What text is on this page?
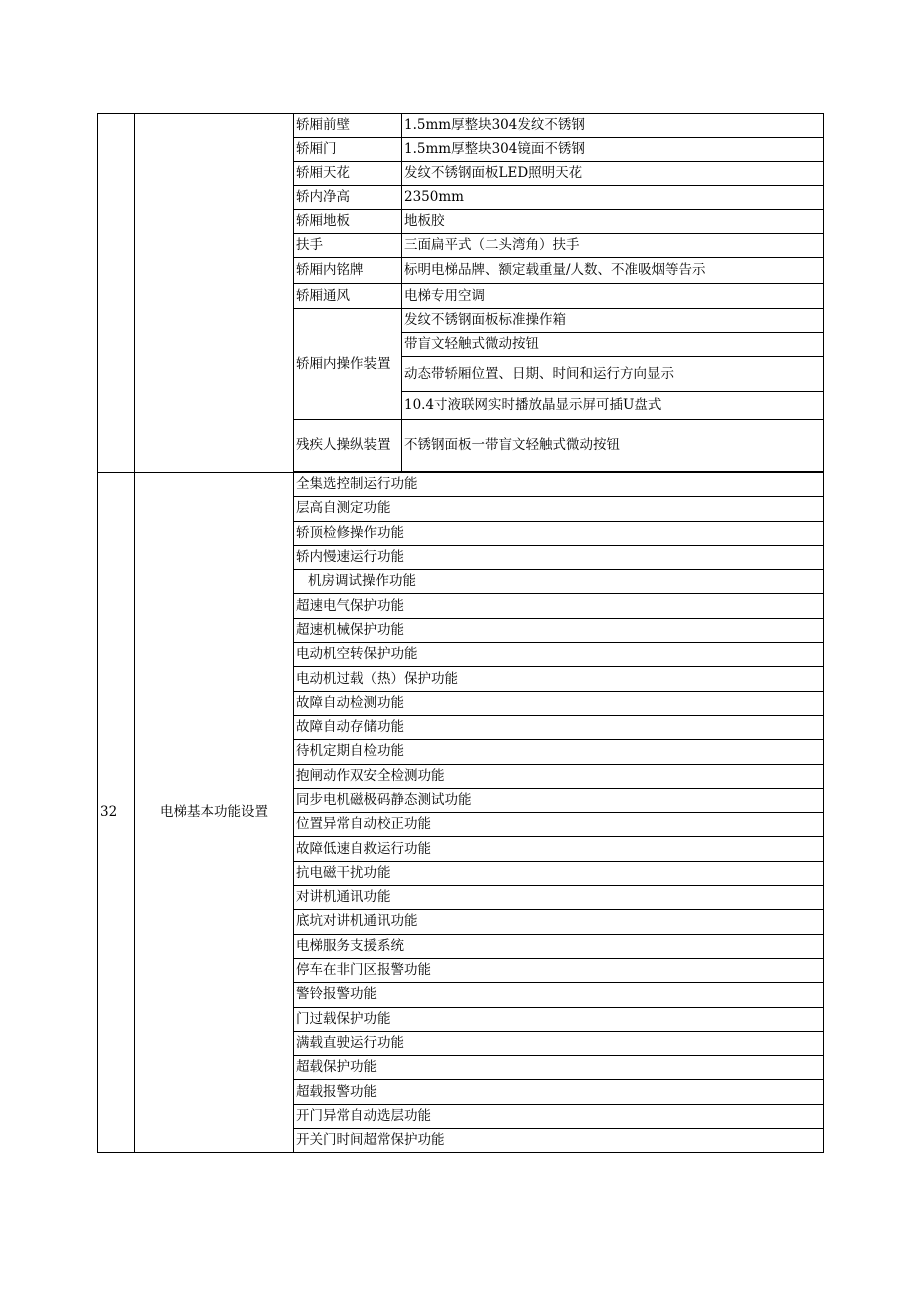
		轿厢前壁	1.5mm厚整块304发纹不锈钢
		轿厢门	1.5mm厚整块304镜面不锈钢
		轿厢天花	发纹不锈钢面板LED照明天花
		轿内净高	2350mm
		轿厢地板	地板胶
		扶手	三面扁平式（二头湾角）扶手
		轿厢内铭牌	标明电梯品牌、额定载重量/人数、不准吸烟等告示
		轿厢通风	电梯专用空调
		轿厢内操作装置	发纹不锈钢面板标准操作箱
			带盲文轻触式微动按钮
			动态带轿厢位置、日期、时间和运行方向显示
			10.4寸液联网实时播放晶显示屏可插U盘式
		残疾人操纵装置	不锈钢面板一带盲文轻触式微动按钮

32	电梯基本功能设置	全集选控制运行功能	
		层高自测定功能	
		轿顶检修操作功能	
		轿内慢速运行功能	
		机房调试操作功能	
		超速电气保护功能	
		超速机械保护功能	
		电动机空转保护功能	
		电动机过载（热）保护功能	
		故障自动检测功能	
		故障自动存储功能	
		待机定期自检功能	
		抱闸动作双安全检测功能	
		同步电机磁极码静态测试功能	
		位置异常自动校正功能	
		故障低速自救运行功能	
		抗电磁干扰功能	
		对讲机通讯功能	
		底坑对讲机通讯功能	
		电梯服务支援系统	
		停车在非门区报警功能	
		警铃报警功能	
		门过载保护功能	
		满载直驶运行功能	
		超载保护功能	
		超载报警功能	
		开门异常自动选层功能	
		开关门时间超常保护功能	
